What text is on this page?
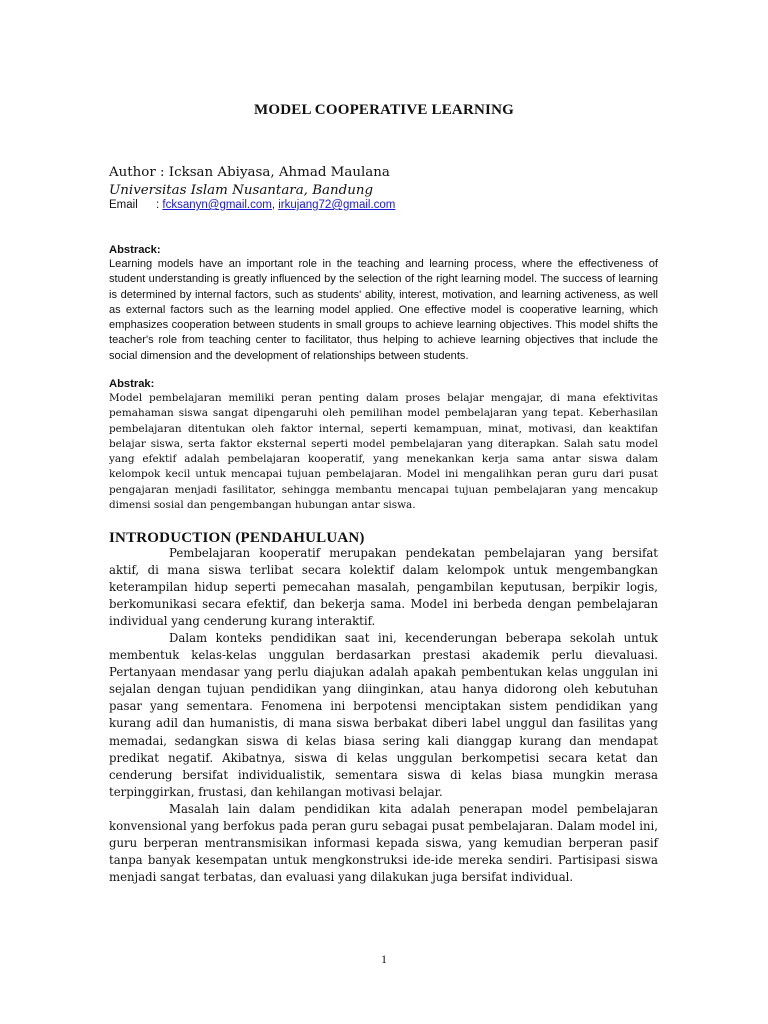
MODEL COOPERATIVE LEARNING
Author : Icksan Abiyasa, Ahmad Maulana
Universitas Islam Nusantara, Bandung
Email : fcksanyn@gmail.com, irkujang72@gmail.com
Abstrack:
Learning models have an important role in the teaching and learning process, where the effectiveness of student understanding is greatly influenced by the selection of the right learning model. The success of learning is determined by internal factors, such as students' ability, interest, motivation, and learning activeness, as well as external factors such as the learning model applied. One effective model is cooperative learning, which emphasizes cooperation between students in small groups to achieve learning objectives. This model shifts the teacher's role from teaching center to facilitator, thus helping to achieve learning objectives that include the social dimension and the development of relationships between students.
Abstrak:
Model pembelajaran memiliki peran penting dalam proses belajar mengajar, di mana efektivitas pemahaman siswa sangat dipengaruhi oleh pemilihan model pembelajaran yang tepat. Keberhasilan pembelajaran ditentukan oleh faktor internal, seperti kemampuan, minat, motivasi, dan keaktifan belajar siswa, serta faktor eksternal seperti model pembelajaran yang diterapkan. Salah satu model yang efektif adalah pembelajaran kooperatif, yang menekankan kerja sama antar siswa dalam kelompok kecil untuk mencapai tujuan pembelajaran. Model ini mengalihkan peran guru dari pusat pengajaran menjadi fasilitator, sehingga membantu mencapai tujuan pembelajaran yang mencakup dimensi sosial dan pengembangan hubungan antar siswa.
INTRODUCTION (PENDAHULUAN)

Pembelajaran kooperatif merupakan pendekatan pembelajaran yang bersifat aktif, di mana siswa terlibat secara kolektif dalam kelompok untuk mengembangkan keterampilan hidup seperti pemecahan masalah, pengambilan keputusan, berpikir logis, berkomunikasi secara efektif, dan bekerja sama. Model ini berbeda dengan pembelajaran individual yang cenderung kurang interaktif.

Dalam konteks pendidikan saat ini, kecenderungan beberapa sekolah untuk membentuk kelas-kelas unggulan berdasarkan prestasi akademik perlu dievaluasi. Pertanyaan mendasar yang perlu diajukan adalah apakah pembentukan kelas unggulan ini sejalan dengan tujuan pendidikan yang diinginkan, atau hanya didorong oleh kebutuhan pasar yang sementara. Fenomena ini berpotensi menciptakan sistem pendidikan yang kurang adil dan humanistis, di mana siswa berbakat diberi label unggul dan fasilitas yang memadai, sedangkan siswa di kelas biasa sering kali dianggap kurang dan mendapat predikat negatif. Akibatnya, siswa di kelas unggulan berkompetisi secara ketat dan cenderung bersifat individualistik, sementara siswa di kelas biasa mungkin merasa terpinggirkan, frustasi, dan kehilangan motivasi belajar.

Masalah lain dalam pendidikan kita adalah penerapan model pembelajaran konvensional yang berfokus pada peran guru sebagai pusat pembelajaran. Dalam model ini, guru berperan mentransmisikan informasi kepada siswa, yang kemudian berperan pasif tanpa banyak kesempatan untuk mengkonstruksi ide-ide mereka sendiri. Partisipasi siswa menjadi sangat terbatas, dan evaluasi yang dilakukan juga bersifat individual.

1
